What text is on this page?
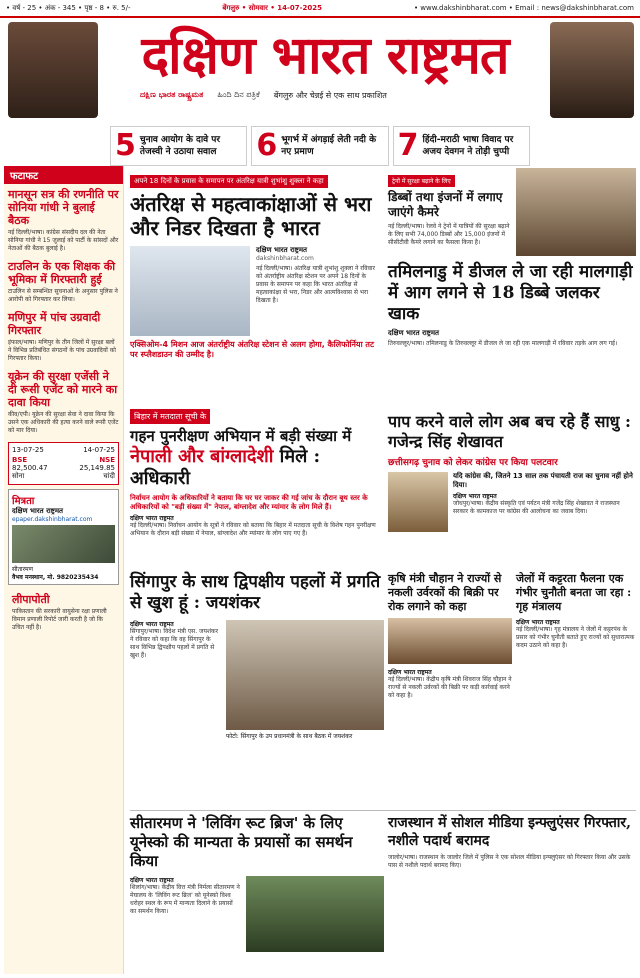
• वर्ष - 25 • अंक - 345 • पृष्ठ - 8 • रु. 5/-	बेंगलुरु • सोमवार • 14-07-2025	• www.dakshinbharat.com • Email : news@dakshinbharat.com
दक्षिण भारत राष्ट्रमत
ದಕ್ಷಿಣ ಭಾರತ ರಾಷ್ಟ್ರಮತ ಹಿಂದಿ ದಿನ ಪತ್ರಿಕೆ बेंगलुरु और चेन्नई से एक साथ प्रकाशित
5 चुनाव आयोग के दावे पर तेजस्वी ने उठाया सवाल	6 भूगर्भ में अंगड़ाई लेती नदी के नए प्रमाण	7 हिंदी-मराठी भाषा विवाद पर अजय देवगन ने तोड़ी चुप्पी
फटाफट
मानसून सत्र की रणनीति पर सोनिया गांधी ने बुलाई बैठक
नई दिल्ली/भाषा। कांग्रेस संसदीय दल की नेता सोनिया गांधी ने 15 जुलाई को पार्टी के सांसदों और नेताओं की बैठक बुलाई है।
टाउलिन के एक शिक्षक की भूमिका में गिरफ्तारी हुई
टाउलिन से सम्बन्धित सूचनाओं के अनुसार पुलिस ने आरोपी को गिरफ्तार कर लिया।
मणिपुर में पांच उग्रवादी गिरफ्तार
इंफाल/भाषा। मणिपुर के तीन जिलों में सुरक्षा बलों ने विभिन्न प्रतिबंधित संगठनों के पांच उग्रवादियों को गिरफ्तार किया।
यूक्रेन की सुरक्षा एजेंसी ने दी रूसी एजेंट को मारने का दावा किया
कीव/एपी। यूक्रेन की सुरक्षा सेवा ने दावा किया कि उसने एक अधिकारी की हत्या करने वाले रूसी एजेंट को मार दिया।
13-07-25	14-07-25
BSE	NSE
82,500.47	25,149.85
सोना	चांदी
मित्रता
दक्षिण भारत राष्ट्रमत
epaper.dakshinbharat.com
सीतारमण
वैभव मनस्थान, मो. 9820235434
लीपापोती
पाकिस्तान की सरकारी वायुसेना रक्षा प्रणाली विमान प्रणाली रिपोर्ट जारी करती है जो कि उचित नहीं है।
अपने 18 दिनों के प्रवास के समापन पर अंतरिक्ष यात्री शुभांशु शुक्ला ने कहा
अंतरिक्ष से महत्वाकांक्षाओं से भरा और निडर दिखता है भारत
दक्षिण भारत राष्ट्रमत
dakshinbharat.com
नई दिल्ली/भाषा। अंतरिक्ष यात्री शुभांशु शुक्ला ने रविवार को अंतर्राष्ट्रीय अंतरिक्ष स्टेशन पर अपने 18 दिनों के प्रवास के समापन पर कहा कि भारत अंतरिक्ष से महत्वाकांक्षा से भरा, निडर और आत्मविश्वास से भरा दिखता है।
एक्सिओम-4 मिशन आज अंतर्राष्ट्रीय अंतरिक्ष स्टेशन से अलग होगा, कैलिफोर्निया तट पर स्प्लैशडाउन की उम्मीद है।
ट्रेनों में सुरक्षा बढ़ाने के लिए
डिब्बों तथा इंजनों में लगाए जाएंगे कैमरे
नई दिल्ली/भाषा। रेलवे ने ट्रेनों में यात्रियों की सुरक्षा बढ़ाने के लिए सभी 74,000 डिब्बों और 15,000 इंजनों में सीसीटीवी कैमरे लगाने का फैसला किया है।
तमिलनाडु में डीजल ले जा रही मालगाड़ी में आग लगने से 18 डिब्बे जलकर खाक
दक्षिण भारत राष्ट्रमत
तिरुवल्लूर/भाषा। तमिलनाडु के तिरुवल्लूर में डीजल ले जा रही एक मालगाड़ी में रविवार तड़के आग लग गई।
पाप करने वाले लोग अब बच रहे हैं साधु : गजेन्द्र सिंह शेखावत
छत्तीसगढ़ चुनाव को लेकर कांग्रेस पर किया पलटवार
यदि कांग्रेस की, जितने 13 साल तक पंचायती राज का चुनाव नहीं होने दिया।
दक्षिण भारत राष्ट्रमत
जोधपुर/भाषा। केंद्रीय संस्कृति एवं पर्यटन मंत्री गजेंद्र सिंह शेखावत ने राजस्थान सरकार के कामकाज पर कांग्रेस की आलोचना का जवाब दिया।
बिहार में मतदाता सूची के
गहन पुनरीक्षण अभियान में बड़ी संख्या में
नेपाली और बांग्लादेशी मिले : अधिकारी
निर्वाचन आयोग के अधिकारियों ने बताया कि घर घर जाकर की गई जांच के दौरान बूथ स्तर के अधिकारियों को "बड़ी संख्या में" नेपाल, बांग्लादेश और म्यांमार के लोग मिले हैं।
दक्षिण भारत राष्ट्रमत
नई दिल्ली/भाषा। निर्वाचन आयोग के सूत्रों ने रविवार को बताया कि बिहार में मतदाता सूची के विशेष गहन पुनरीक्षण अभियान के दौरान बड़ी संख्या में नेपाल, बांग्लादेश और म्यांमार के लोग पाए गए हैं।
सिंगापुर के साथ द्विपक्षीय पहलों में प्रगति से खुश हूं : जयशंकर
दक्षिण भारत राष्ट्रमत
सिंगापुर/भाषा। विदेश मंत्री एस. जयशंकर ने रविवार को कहा कि वह सिंगापुर के साथ विभिन्न द्विपक्षीय पहलों में प्रगति से खुश हैं।
फोटो: सिंगापुर के उप प्रधानमंत्री के साथ बैठक में जयशंकर
कृषि मंत्री चौहान ने राज्यों से नकली उर्वरकों की बिक्री पर रोक लगाने को कहा
दक्षिण भारत राष्ट्रमत
नई दिल्ली/भाषा। केंद्रीय कृषि मंत्री शिवराज सिंह चौहान ने राज्यों से नकली उर्वरकों की बिक्री पर कड़ी कार्रवाई करने को कहा है।
जेलों में कट्टरता फैलना एक गंभीर चुनौती बनता जा रहा : गृह मंत्रालय
दक्षिण भारत राष्ट्रमत
नई दिल्ली/भाषा। गृह मंत्रालय ने जेलों में कट्टरपंथ के प्रसार को गंभीर चुनौती बताते हुए राज्यों को सुधारात्मक कदम उठाने को कहा है।
सीतारमण ने 'लिविंग रूट ब्रिज' के लिए यूनेस्को की मान्यता के प्रयासों का समर्थन किया
दक्षिण भारत राष्ट्रमत
शिलांग/भाषा। केंद्रीय वित्त मंत्री निर्मला सीतारमण ने मेघालय के 'लिविंग रूट ब्रिज' को यूनेस्को विश्व धरोहर स्थल के रूप में मान्यता दिलाने के प्रयासों का समर्थन किया।
राजस्थान में सोशल मीडिया इन्फ्लुएंसर गिरफ्तार, नशीले पदार्थ बरामद
जालोर/भाषा। राजस्थान के जालोर जिले में पुलिस ने एक सोशल मीडिया इन्फ्लुएंसर को गिरफ्तार किया और उसके पास से नशीले पदार्थ बरामद किए।
